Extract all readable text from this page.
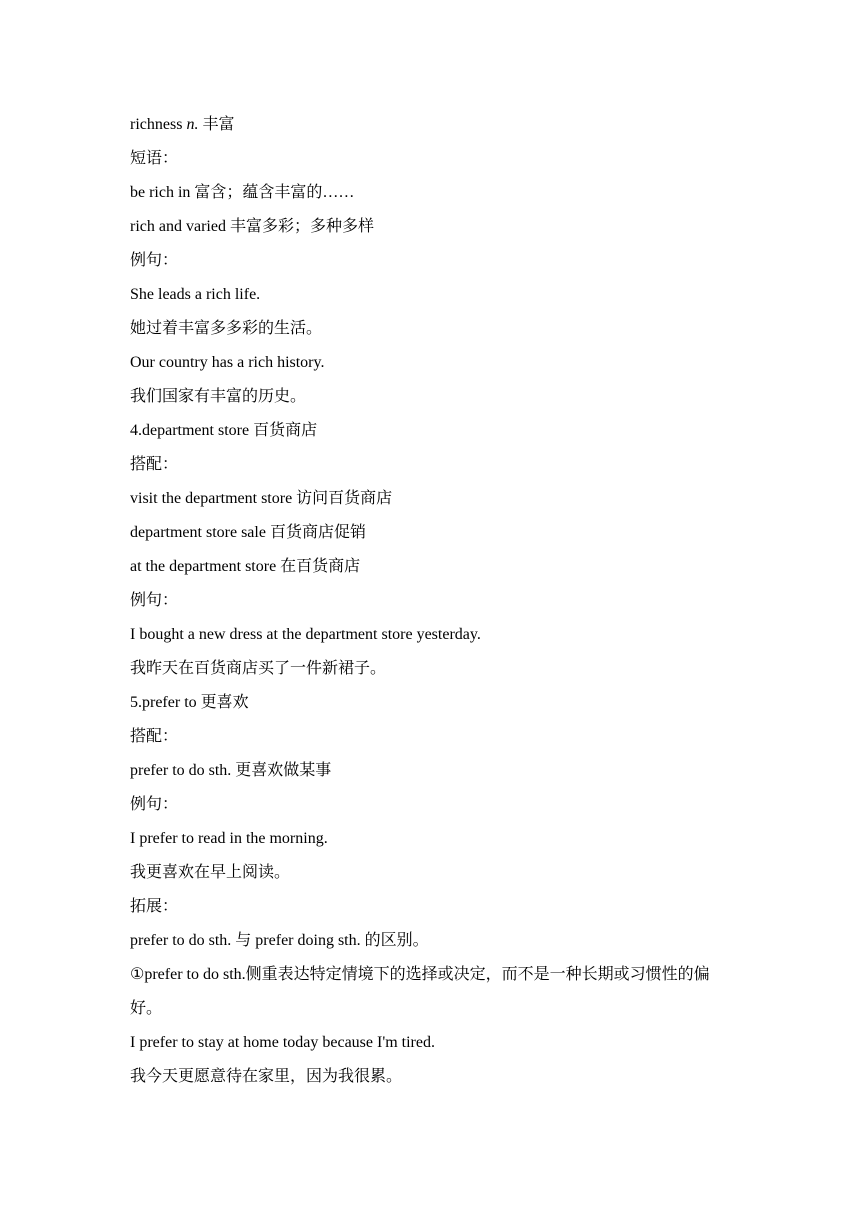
richness n. 丰富
短语：
be rich in 富含；蕴含丰富的……
rich and varied 丰富多彩；多种多样
例句：
She leads a rich life.
她过着丰富多多彩的生活。
Our country has a rich history.
我们国家有丰富的历史。
4.department store 百货商店
搭配：
visit the department store 访问百货商店
department store sale 百货商店促销
at the department store 在百货商店
例句：
I bought a new dress at the department store yesterday.
我昨天在百货商店买了一件新裙子。
5.prefer to 更喜欢
搭配：
prefer to do sth. 更喜欢做某事
例句：
I prefer to read in the morning.
我更喜欢在早上阅读。
拓展：
prefer to do sth. 与 prefer doing sth. 的区别。
①prefer to do sth.侧重表达特定情境下的选择或决定，而不是一种长期或习惯性的偏好。
I prefer to stay at home today because I'm tired.
我今天更愿意待在家里，因为我很累。
